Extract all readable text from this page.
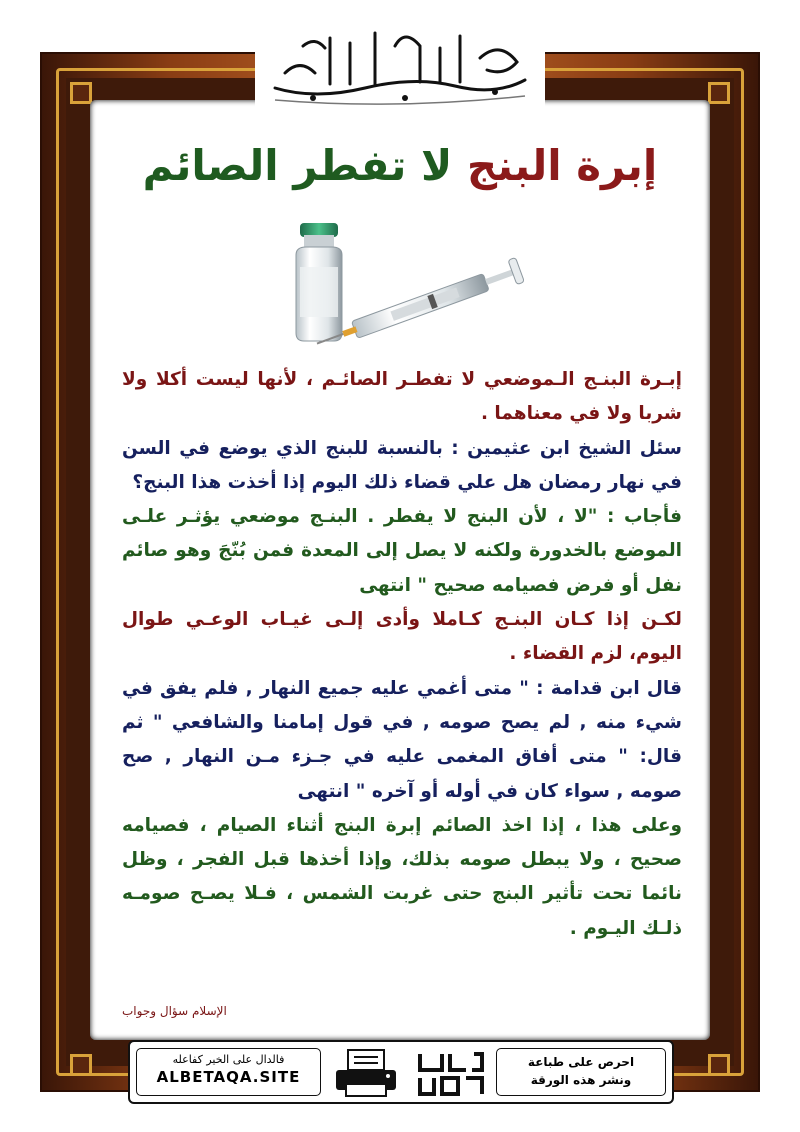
إبرة البنج لا تفطر الصائم

إبـرة البنـج الـموضعي لا تفطـر الصائـم ، لأنها ليست أكلا ولا شربا ولا في معناهما .

سئل الشيخ ابن عثيمين : بالنسبة للبنج الذي يوضع في السن في نهار رمضان هل علي قضاء ذلك اليوم إذا أخذت هذا البنج؟

فأجاب : "لا ، لأن البنج لا يفطر . البنـج موضعي يؤثـر علـى الموضع بالخدورة ولكنه لا يصل إلى المعدة فمن بُنّجَ وهو صائم نفل أو فرض فصيامه صحيح " انتهى

لكـن إذا كـان البنـج كـاملا وأدى إلـى غيـاب الوعـي طوال اليوم، لزم القضاء .

قال ابن قدامة : " متى أغمي عليه جميع النهار , فلم يفق في شيء منه , لم يصح صومه , في قول إمامنا والشافعي " ثم قال: " متى أفاق المغمى عليه في جـزء مـن النهار , صح صومه , سواء كان في أوله أو آخره " انتهى

وعلى هذا ، إذا اخذ الصائم إبرة البنج أثناء الصيام ، فصيامه صحيح ، ولا يبطل صومه بذلك، وإذا أخذها قبل الفجر ، وظل نائما تحت تأثير البنج حتى غربت الشمس ، فـلا يصـح صومـه ذلـك اليـوم .

الإسلام سؤال وجواب
فالدال على الخير كفاعله
ALBETAQA.SITE
احرص على طباعة
ونشر هذه الورقة
